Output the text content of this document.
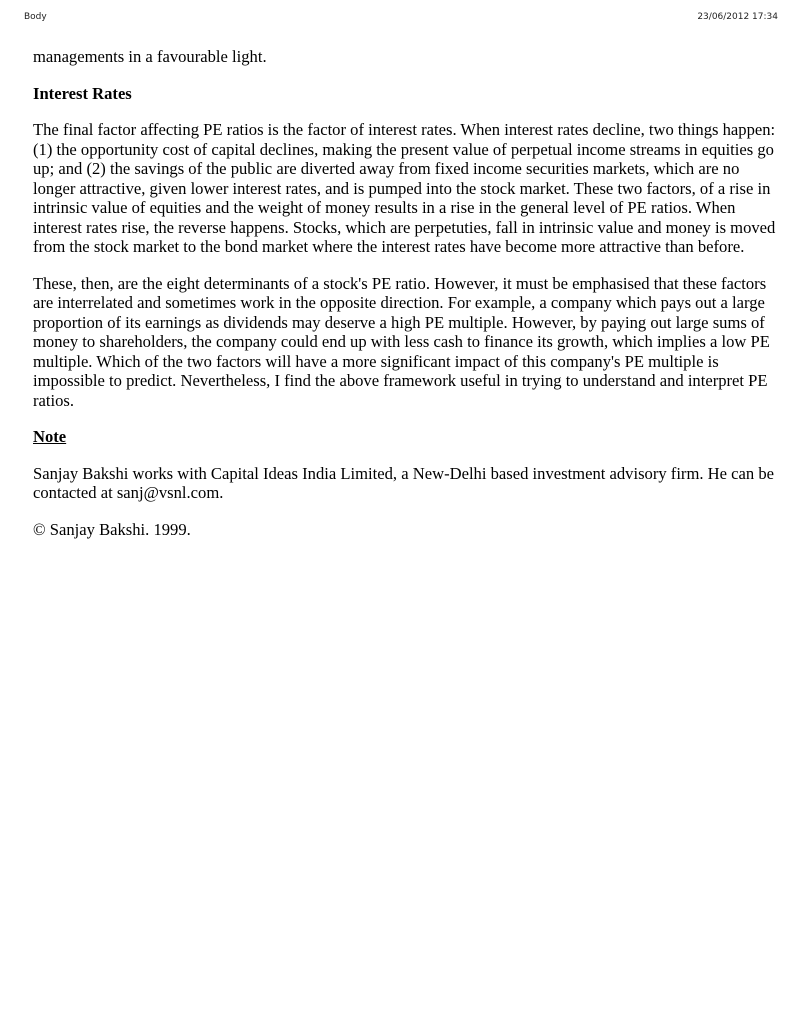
Body	23/06/2012 17:34

managements in a favourable light.

Interest Rates

The final factor affecting PE ratios is the factor of interest rates. When interest rates decline, two things happen: (1) the opportunity cost of capital declines, making the present value of perpetual income streams in equities go up; and (2) the savings of the public are diverted away from fixed income securities markets, which are no longer attractive, given lower interest rates, and is pumped into the stock market. These two factors, of a rise in intrinsic value of equities and the weight of money results in a rise in the general level of PE ratios. When interest rates rise, the reverse happens. Stocks, which are perpetuties, fall in intrinsic value and money is moved from the stock market to the bond market where the interest rates have become more attractive than before.

These, then, are the eight determinants of a stock's PE ratio. However, it must be emphasised that these factors are interrelated and sometimes work in the opposite direction. For example, a company which pays out a large proportion of its earnings as dividends may deserve a high PE multiple. However, by paying out large sums of money to shareholders, the company could end up with less cash to finance its growth, which implies a low PE multiple. Which of the two factors will have a more significant impact of this company's PE multiple is impossible to predict. Nevertheless, I find the above framework useful in trying to understand and interpret PE ratios.

Note

Sanjay Bakshi works with Capital Ideas India Limited, a New-Delhi based investment advisory firm. He can be contacted at sanj@vsnl.com.

© Sanjay Bakshi. 1999.
